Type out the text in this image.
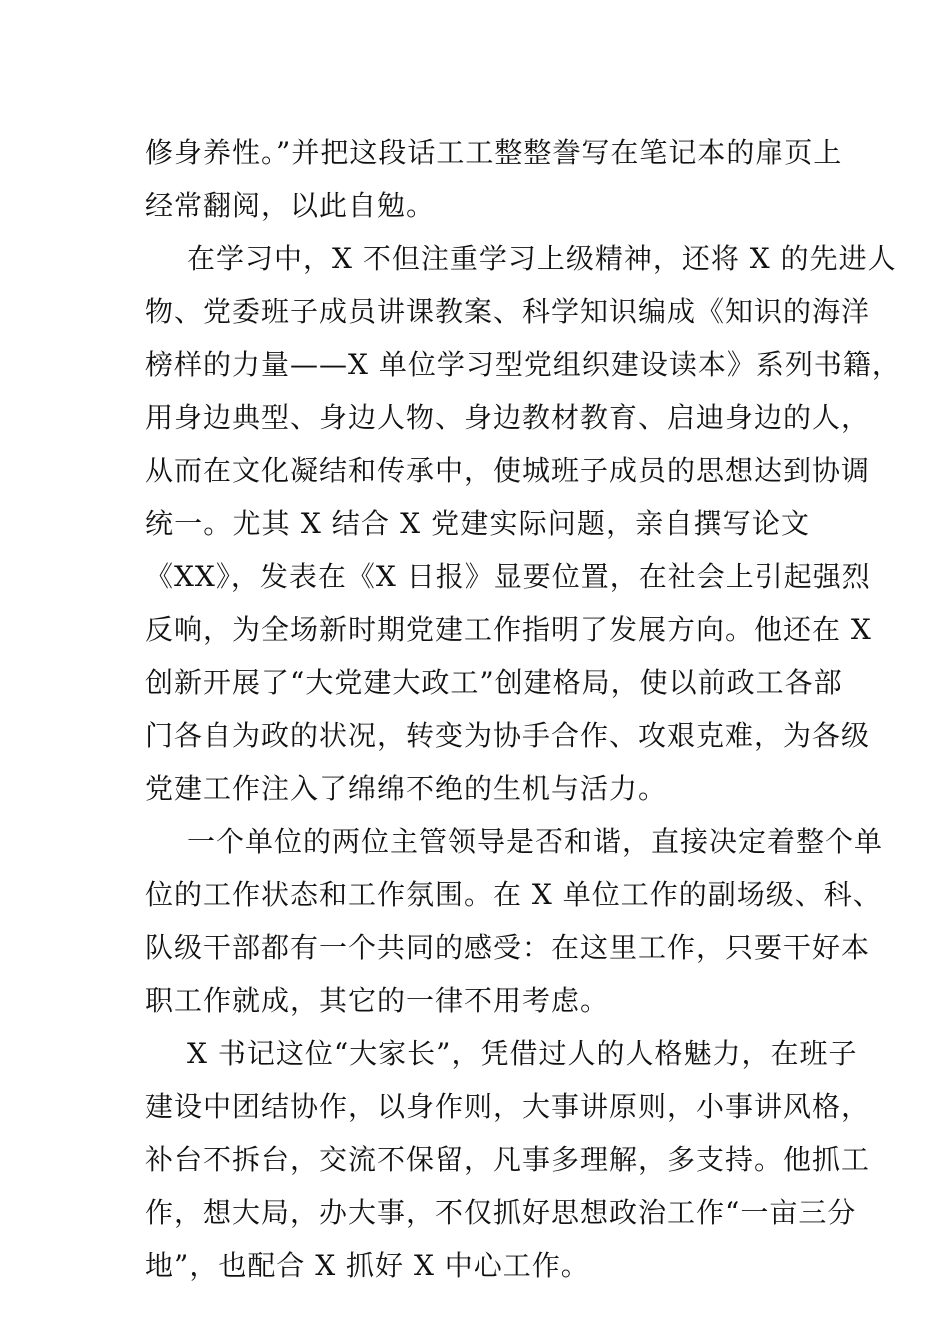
修身养性。”并把这段话工工整整誊写在笔记本的扉页上
经常翻阅，以此自勉。
在学习中，X 不但注重学习上级精神，还将 X 的先进人
物、党委班子成员讲课教案、科学知识编成《知识的海洋
榜样的力量——X 单位学习型党组织建设读本》系列书籍，
用身边典型、身边人物、身边教材教育、启迪身边的人，
从而在文化凝结和传承中，使城班子成员的思想达到协调
统一。尤其 X 结合 X 党建实际问题，亲自撰写论文
《XX》，发表在《X 日报》显要位置，在社会上引起强烈
反响，为全场新时期党建工作指明了发展方向。他还在 X
创新开展了“大党建大政工”创建格局，使以前政工各部
门各自为政的状况，转变为协手合作、攻艰克难，为各级
党建工作注入了绵绵不绝的生机与活力。
一个单位的两位主管领导是否和谐，直接决定着整个单
位的工作状态和工作氛围。在 X 单位工作的副场级、科、
队级干部都有一个共同的感受：在这里工作，只要干好本
职工作就成，其它的一律不用考虑。
X 书记这位“大家长”，凭借过人的人格魅力，在班子
建设中团结协作，以身作则，大事讲原则，小事讲风格，
补台不拆台，交流不保留，凡事多理解，多支持。他抓工
作，想大局，办大事，不仅抓好思想政治工作“一亩三分
地”，也配合 X 抓好 X 中心工作。
